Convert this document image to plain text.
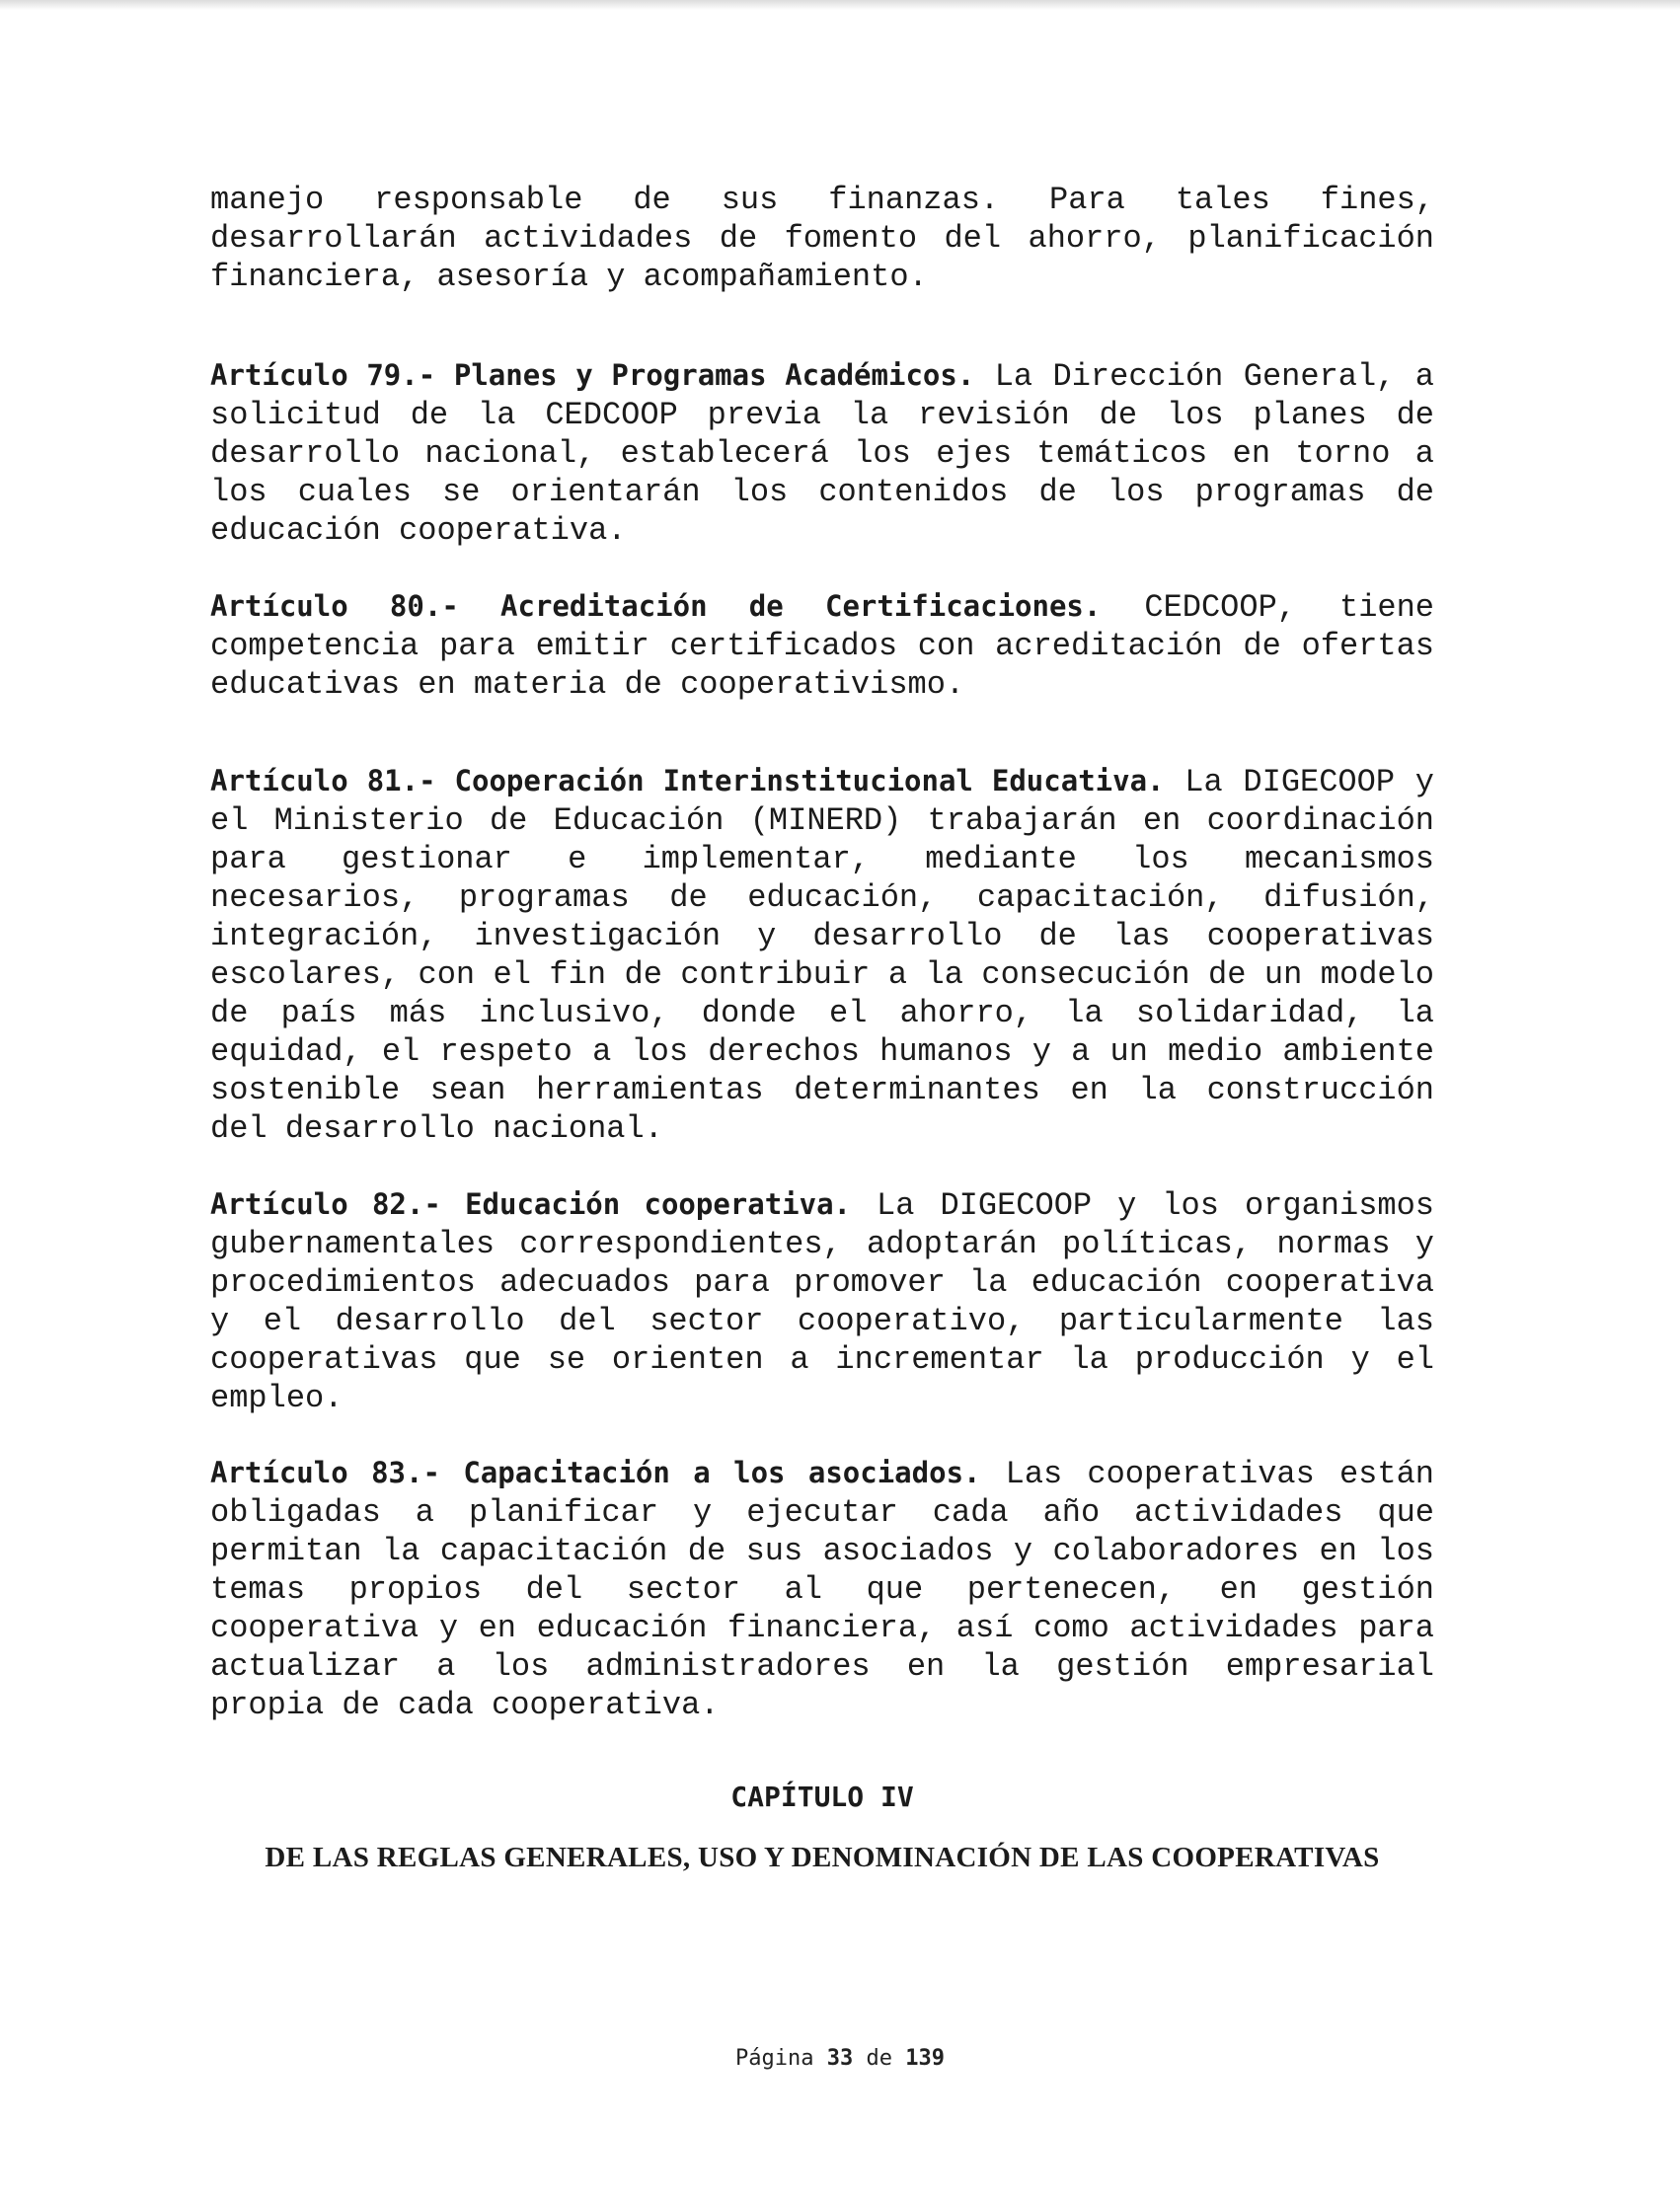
manejo responsable de sus finanzas. Para tales fines, desarrollarán actividades de fomento del ahorro, planificación financiera, asesoría y acompañamiento.

Artículo 79.- Planes y Programas Académicos. La Dirección General, a solicitud de la CEDCOOP previa la revisión de los planes de desarrollo nacional, establecerá los ejes temáticos en torno a los cuales se orientarán los contenidos de los programas de educación cooperativa.

Artículo 80.- Acreditación de Certificaciones. CEDCOOP, tiene competencia para emitir certificados con acreditación de ofertas educativas en materia de cooperativismo.

Artículo 81.- Cooperación Interinstitucional Educativa. La DIGECOOP y el Ministerio de Educación (MINERD) trabajarán en coordinación para gestionar e implementar, mediante los mecanismos necesarios, programas de educación, capacitación, difusión, integración, investigación y desarrollo de las cooperativas escolares, con el fin de contribuir a la consecución de un modelo de país más inclusivo, donde el ahorro, la solidaridad, la equidad, el respeto a los derechos humanos y a un medio ambiente sostenible sean herramientas determinantes en la construcción del desarrollo nacional.

Artículo 82.- Educación cooperativa. La DIGECOOP y los organismos gubernamentales correspondientes, adoptarán políticas, normas y procedimientos adecuados para promover la educación cooperativa y el desarrollo del sector cooperativo, particularmente las cooperativas que se orienten a incrementar la producción y el empleo.

Artículo 83.- Capacitación a los asociados. Las cooperativas están obligadas a planificar y ejecutar cada año actividades que permitan la capacitación de sus asociados y colaboradores en los temas propios del sector al que pertenecen, en gestión cooperativa y en educación financiera, así como actividades para actualizar a los administradores en la gestión empresarial propia de cada cooperativa.

CAPÍTULO IV

DE LAS REGLAS GENERALES, USO Y DENOMINACIÓN DE LAS COOPERATIVAS

Página 33 de 139
